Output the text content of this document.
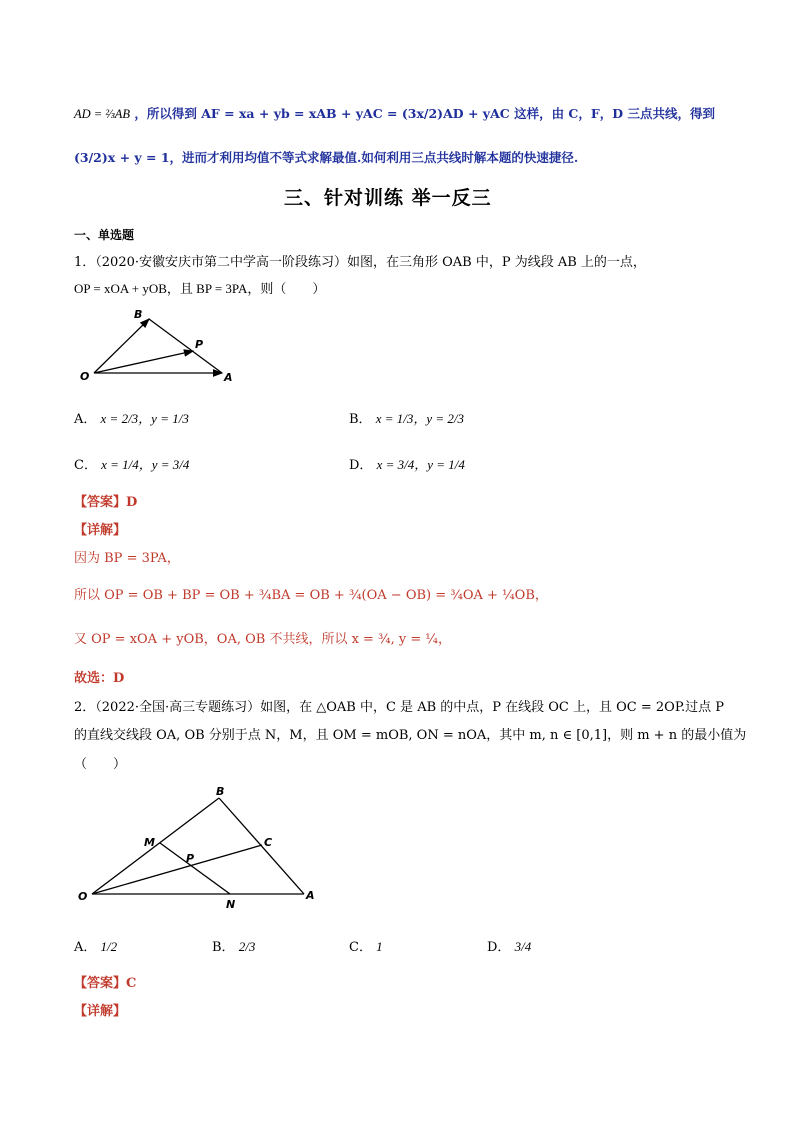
AD = ⅔AB ，所以得到 AF = xa + yb = xAB + yAC = (3x/2)AD + yAC 这样，由 C，F，D 三点共线，得到
(3/2)x + y = 1，进而才利用均值不等式求解最值.如何利用三点共线时解本题的快速捷径.
三、针对训练 举一反三
一、单选题
1．（2020·安徽安庆市第二中学高一阶段练习）如图，在三角形 OAB 中，P 为线段 AB 上的一点，
OP = xOA + yOB，且 BP = 3PA，则（　　）
B
P
O	A
A． x = 2/3，y = 1/3	B． x = 1/3，y = 2/3
C． x = 1/4，y = 3/4	D． x = 3/4，y = 1/4
【答案】D
【详解】
因为 BP = 3PA，
所以 OP = OB + BP = OB + ¾BA = OB + ¾(OA − OB) = ¾OA + ¼OB，
又 OP = xOA + yOB，OA, OB 不共线，所以 x = ¾, y = ¼，
故选：D
2．（2022·全国·高三专题练习）如图，在 △OAB 中，C 是 AB 的中点，P 在线段 OC 上，且 OC = 2OP.过点 P
的直线交线段 OA, OB 分别于点 N，M，且 OM = mOB, ON = nOA，其中 m, n ∈ [0,1]，则 m + n 的最小值为
（　　）
B
M	C
P
O
N
A
A． 1/2	B． 2/3	C． 1	D． 3/4
【答案】C
【详解】
